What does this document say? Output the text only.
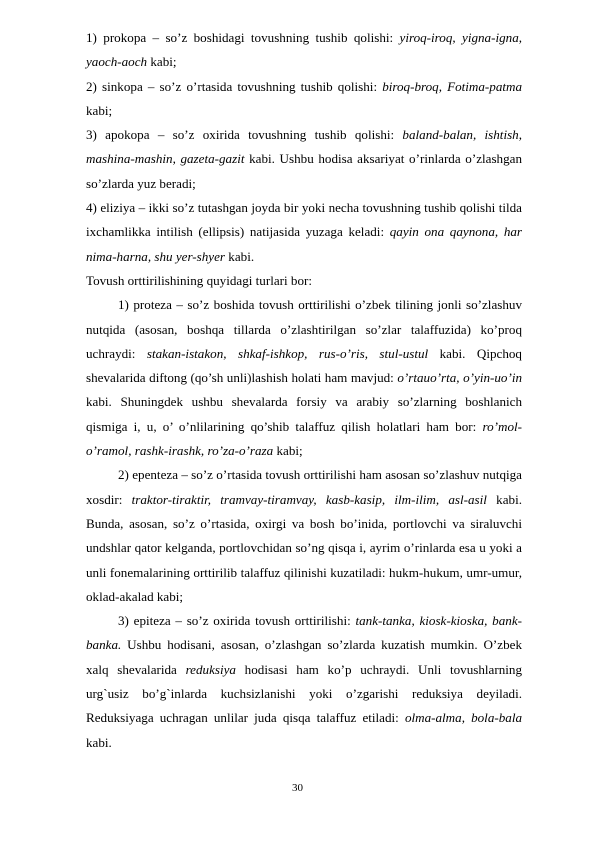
1) prokopa – so’z boshidagi tovushning tushib qolishi: yiroq-iroq, yigna-igna, yaoch-aoch kabi;

2) sinkopa – so’z o’rtasida tovushning tushib qolishi: biroq-broq, Fotima-patma kabi;

3) apokopa – so’z oxirida tovushning tushib qolishi: baland-balan, ishtish, mashina-mashin, gazeta-gazit kabi. Ushbu hodisa aksariyat o’rinlarda o’zlashgan so’zlarda yuz beradi;

4) eliziya – ikki so’z tutashgan joyda bir yoki necha tovushning tushib qolishi tilda ixchamlikka intilish (ellipsis) natijasida yuzaga keladi: qayin ona qaynona, har nima-harna, shu yer-shyer kabi.

Tovush orttirilishining quyidagi turlari bor:

1) proteza – so’z boshida tovush orttirilishi o’zbek tilining jonli so’zlashuv nutqida (asosan, boshqa tillarda o’zlashtirilgan so’zlar talaffuzida) ko’proq uchraydi: stakan-istakon, shkaf-ishkop, rus-o’ris, stul-ustul kabi. Qipchoq shevalarida diftong (qo’sh unli)lashish holati ham mavjud: o’rtauo’rta, o’yin-uo’in kabi. Shuningdek ushbu shevalarda forsiy va arabiy so’zlarning boshlanich qismiga i, u, o’ o’nlilarining qo’shib talaffuz qilish holatlari ham bor: ro’mol-o’ramol, rashk-irashk, ro’za-o’raza kabi;

2) epenteza – so’z o’rtasida tovush orttirilishi ham asosan so’zlashuv nutqiga xosdir: traktor-tiraktir, tramvay-tiramvay, kasb-kasip, ilm-ilim, asl-asil kabi. Bunda, asosan, so’z o’rtasida, oxirgi va bosh bo’inida, portlovchi va siraluvchi undshlar qator kelganda, portlovchidan so’ng qisqa i, ayrim o’rinlarda esa u yoki a unli fonemalarining orttirilib talaffuz qilinishi kuzatiladi: hukm-hukum, umr-umur, oklad-akalad kabi;

3) epiteza – so’z oxirida tovush orttirilishi: tank-tanka, kiosk-kioska, bank-banka. Ushbu hodisani, asosan, o’zlashgan so’zlarda kuzatish mumkin. O’zbek xalq shevalarida reduksiya hodisasi ham ko’p uchraydi. Unli tovushlarning urg`usiz bo’g`inlarda kuchsizlanishi yoki o’zgarishi reduksiya deyiladi. Reduksiyaga uchragan unlilar juda qisqa talaffuz etiladi: olma-alma, bola-bala kabi.

30
